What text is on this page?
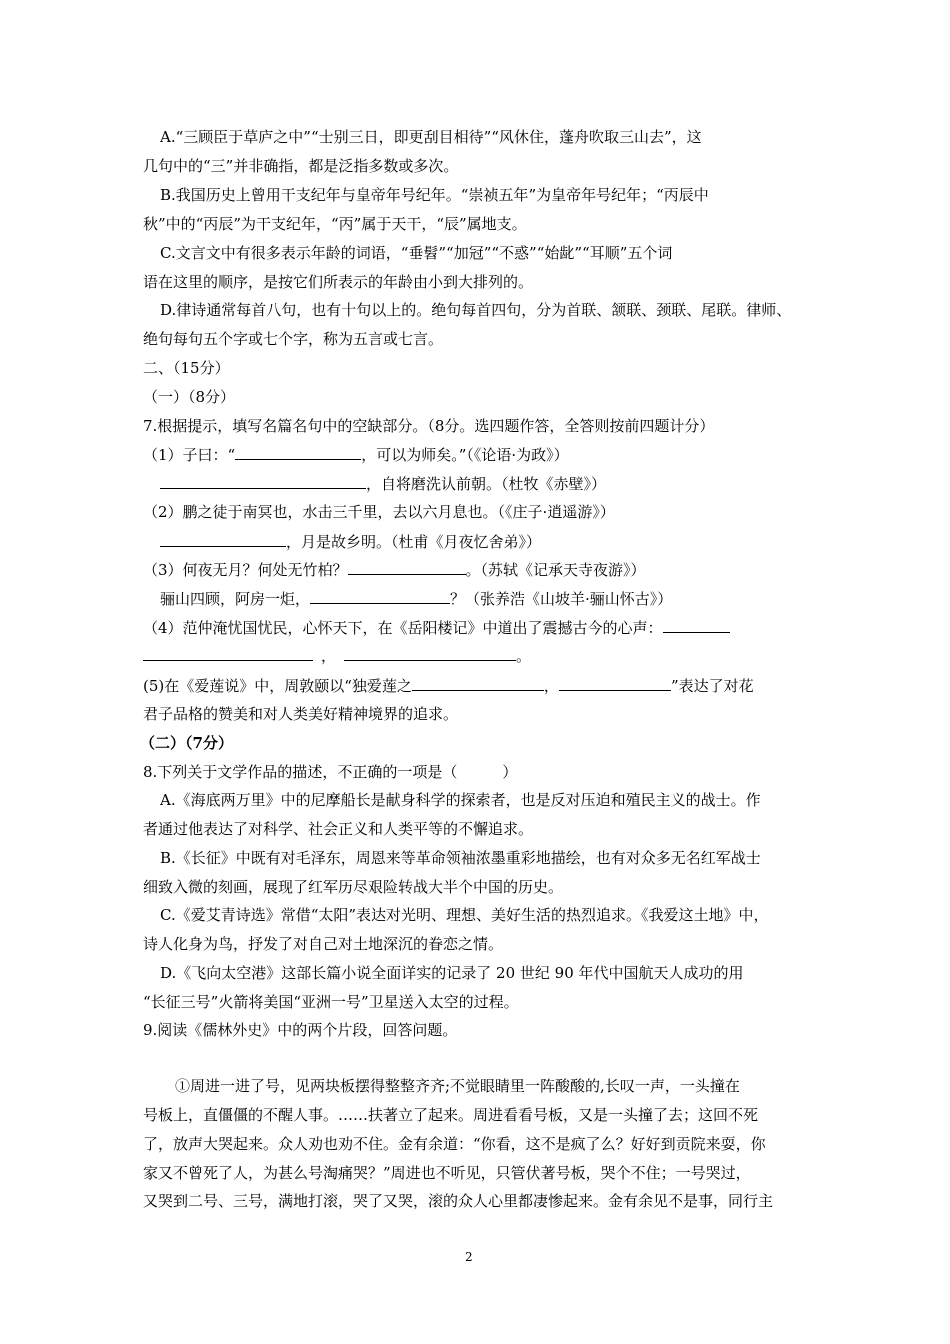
A.“三顾臣于草庐之中”“士别三日，即更刮目相待”“风休住，蓬舟吹取三山去”，这
几句中的“三”并非确指，都是泛指多数或多次。
B.我国历史上曾用干支纪年与皇帝年号纪年。“崇祯五年”为皇帝年号纪年；“丙辰中
秋”中的“丙辰”为干支纪年，“丙”属于天干，“辰”属地支。
C.文言文中有很多表示年龄的词语，“垂髫”“加冠”“不惑”“始龀”“耳顺”五个词
语在这里的顺序，是按它们所表示的年龄由小到大排列的。
D.律诗通常每首八句，也有十句以上的。绝句每首四句，分为首联、颔联、颈联、尾联。律师、
绝句每句五个字或七个字，称为五言或七言。
二、（15分）
（一）（8分）
7.根据提示，填写名篇名句中的空缺部分。（8分。选四题作答，全答则按前四题计分）
（1）子曰：“	，可以为师矣。”（《论语·为政》）
，自将磨洗认前朝。（杜牧《赤壁》）
（2）鹏之徒于南冥也，水击三千里，去以六月息也。（《庄子·逍遥游》）
，月是故乡明。（杜甫《月夜忆舍弟》）
（3）何夜无月？何处无竹柏？	。（苏轼《记承天寺夜游》）
骊山四顾，阿房一炬，	？（张养浩《山坡羊·骊山怀古》）
（4）范仲淹忧国忧民，心怀天下，在《岳阳楼记》中道出了震撼古今的心声：
，	。
(5)在《爱莲说》中，周敦颐以“独爱莲之	，	”表达了对花
君子品格的赞美和对人类美好精神境界的追求。
（二）（7分）
8.下列关于文学作品的描述，不正确的一项是（　　　）
A.《海底两万里》中的尼摩船长是献身科学的探索者，也是反对压迫和殖民主义的战士。作
者通过他表达了对科学、社会正义和人类平等的不懈追求。
B.《长征》中既有对毛泽东，周恩来等革命领袖浓墨重彩地描绘，也有对众多无名红军战士
细致入微的刻画，展现了红军历尽艰险转战大半个中国的历史。
C.《爱艾青诗选》常借“太阳”表达对光明、理想、美好生活的热烈追求。《我爱这土地》中，
诗人化身为鸟，抒发了对自己对土地深沉的眷恋之情。
D.《飞向太空港》这部长篇小说全面详实的记录了 20 世纪 90 年代中国航天人成功的用
“长征三号”火箭将美国“亚洲一号”卫星送入太空的过程。
9.阅读《儒林外史》中的两个片段，回答问题。
①周进一进了号，见两块板摆得整整齐齐;不觉眼睛里一阵酸酸的,长叹一声，一头撞在
号板上，直僵僵的不醒人事。……扶著立了起来。周进看看号板，又是一头撞了去；这回不死
了，放声大哭起来。众人劝也劝不住。金有余道：“你看，这不是疯了么？好好到贡院来耍，你
家又不曾死了人，为甚么号淘痛哭？”周进也不听见，只管伏著号板，哭个不住；一号哭过，
又哭到二号、三号，满地打滚，哭了又哭，滚的众人心里都凄惨起来。金有余见不是事，同行主
2
